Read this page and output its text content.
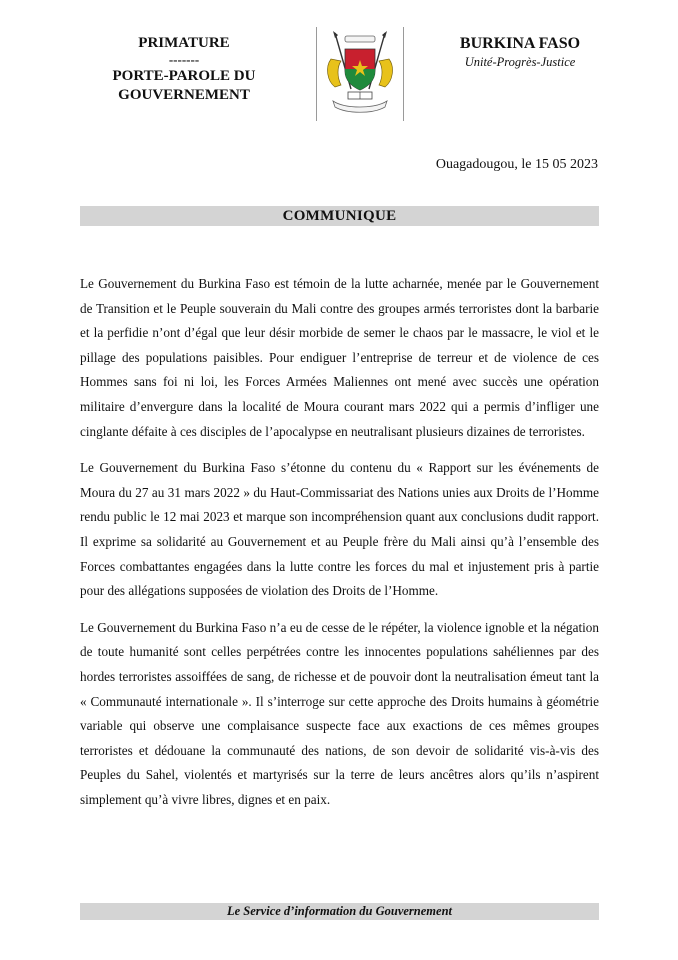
PRIMATURE
-------
PORTE-PAROLE DU
GOUVERNEMENT
BURKINA FASO
Unité-Progrès-Justice
Ouagadougou, le 15 05 2023
COMMUNIQUE

Le Gouvernement du Burkina Faso est témoin de la lutte acharnée, menée par le Gouvernement de Transition et le Peuple souverain du Mali contre des groupes armés terroristes dont la barbarie et la perfidie n’ont d’égal que leur désir morbide de semer le chaos par le massacre, le viol et le pillage des populations paisibles. Pour endiguer l’entreprise de terreur et de violence de ces Hommes sans foi ni loi, les Forces Armées Maliennes ont mené avec succès une opération militaire d’envergure dans la localité de Moura courant mars 2022 qui a permis d’infliger une cinglante défaite à ces disciples de l’apocalypse en neutralisant plusieurs dizaines de terroristes.

Le Gouvernement du Burkina Faso s’étonne du contenu du « Rapport sur les événements de Moura du 27 au 31 mars 2022 » du Haut-Commissariat des Nations unies aux Droits de l’Homme rendu public le 12 mai 2023 et marque son incompréhension quant aux conclusions dudit rapport. Il exprime sa solidarité au Gouvernement et au Peuple frère du Mali ainsi qu’à l’ensemble des Forces combattantes engagées dans la lutte contre les forces du mal et injustement pris à partie pour des allégations supposées de violation des Droits de l’Homme.

Le Gouvernement du Burkina Faso n’a eu de cesse de le répéter, la violence ignoble et la négation de toute humanité sont celles perpétrées contre les innocentes populations sahéliennes par des hordes terroristes assoiffées de sang, de richesse et de pouvoir dont la neutralisation émeut tant la « Communauté internationale ». Il s’interroge sur cette approche des Droits humains à géométrie variable qui observe une complaisance suspecte face aux exactions de ces mêmes groupes terroristes et dédouane la communauté des nations, de son devoir de solidarité vis-à-vis des Peuples du Sahel, violentés et martyrisés sur la terre de leurs ancêtres alors qu’ils n’aspirent simplement qu’à vivre libres, dignes et en paix.

Le Service d’information du Gouvernement
